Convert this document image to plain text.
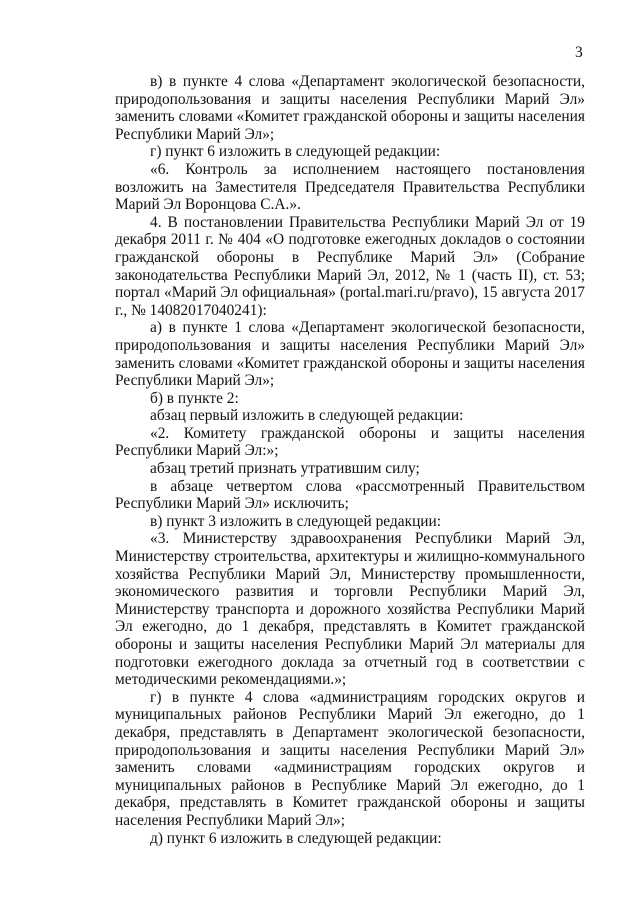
3

в) в пункте 4 слова «Департамент экологической безопасности, природопользования и защиты населения Республики Марий Эл» заменить словами «Комитет гражданской обороны и защиты населения Республики Марий Эл»;

г) пункт 6 изложить в следующей редакции:

«6. Контроль за исполнением настоящего постановления возложить на Заместителя Председателя Правительства Республики Марий Эл Воронцова С.А.».

4. В постановлении Правительства Республики Марий Эл от 19 декабря 2011 г. № 404 «О подготовке ежегодных докладов о состоянии гражданской обороны в Республике Марий Эл» (Собрание законодательства Республики Марий Эл, 2012, № 1 (часть II), ст. 53; портал «Марий Эл официальная» (portal.mari.ru/pravo), 15 августа 2017 г., № 14082017040241):

а) в пункте 1 слова «Департамент экологической безопасности, природопользования и защиты населения Республики Марий Эл» заменить словами «Комитет гражданской обороны и защиты населения Республики Марий Эл»;

б) в пункте 2:

абзац первый изложить в следующей редакции:

«2. Комитету гражданской обороны и защиты населения Республики Марий Эл:»;

абзац третий признать утратившим силу;

в абзаце четвертом слова «рассмотренный Правительством Республики Марий Эл» исключить;

в) пункт 3 изложить в следующей редакции:

«3. Министерству здравоохранения Республики Марий Эл, Министерству строительства, архитектуры и жилищно-коммунального хозяйства Республики Марий Эл, Министерству промышленности, экономического развития и торговли Республики Марий Эл, Министерству транспорта и дорожного хозяйства Республики Марий Эл ежегодно, до 1 декабря, представлять в Комитет гражданской обороны и защиты населения Республики Марий Эл материалы для подготовки ежегодного доклада за отчетный год в соответствии с методическими рекомендациями.»;

г) в пункте 4 слова «администрациям городских округов и муниципальных районов Республики Марий Эл ежегодно, до 1 декабря, представлять в Департамент экологической безопасности, природопользования и защиты населения Республики Марий Эл» заменить словами «администрациям городских округов и муниципальных районов в Республике Марий Эл ежегодно, до 1 декабря, представлять в Комитет гражданской обороны и защиты населения Республики Марий Эл»;

д) пункт 6 изложить в следующей редакции:
